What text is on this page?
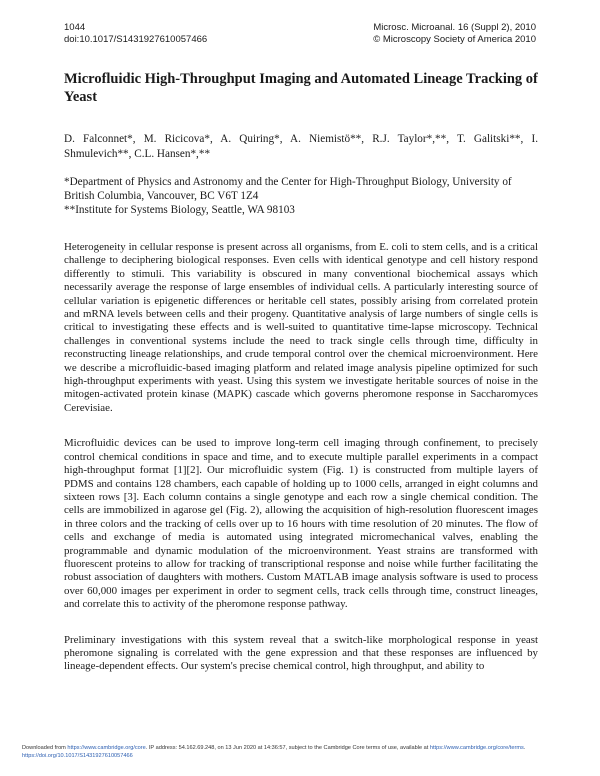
1044
doi:10.1017/S1431927610057466
Microsc. Microanal. 16 (Suppl 2), 2010
© Microscopy Society of America 2010
Microfluidic High-Throughput Imaging and Automated Lineage Tracking of Yeast
D. Falconnet*, M. Ricicova*, A. Quiring*, A. Niemistö**, R.J. Taylor*,**, T. Galitski**, I. Shmulevich**, C.L. Hansen*,**
*Department of Physics and Astronomy and the Center for High-Throughput Biology, University of British Columbia, Vancouver, BC V6T 1Z4
**Institute for Systems Biology, Seattle, WA 98103

Heterogeneity in cellular response is present across all organisms, from E. coli to stem cells, and is a critical challenge to deciphering biological responses. Even cells with identical genotype and cell history respond differently to stimuli. This variability is obscured in many conventional biochemical assays which necessarily average the response of large ensembles of individual cells. A particularly interesting source of cellular variation is epigenetic differences or heritable cell states, possibly arising from correlated protein and mRNA levels between cells and their progeny. Quantitative analysis of large numbers of single cells is critical to investigating these effects and is well-suited to quantitative time-lapse microscopy. Technical challenges in conventional systems include the need to track single cells through time, difficulty in reconstructing lineage relationships, and crude temporal control over the chemical microenvironment. Here we describe a microfluidic-based imaging platform and related image analysis pipeline optimized for such high-throughput experiments with yeast. Using this system we investigate heritable sources of noise in the mitogen-activated protein kinase (MAPK) cascade which governs pheromone response in Saccharomyces Cerevisiae.

Microfluidic devices can be used to improve long-term cell imaging through confinement, to precisely control chemical conditions in space and time, and to execute multiple parallel experiments in a compact high-throughput format [1][2]. Our microfluidic system (Fig. 1) is constructed from multiple layers of PDMS and contains 128 chambers, each capable of holding up to 1000 cells, arranged in eight columns and sixteen rows [3]. Each column contains a single genotype and each row a single chemical condition. The cells are immobilized in agarose gel (Fig. 2), allowing the acquisition of high-resolution fluorescent images in three colors and the tracking of cells over up to 16 hours with time resolution of 20 minutes. The flow of cells and exchange of media is automated using integrated micromechanical valves, enabling the programmable and dynamic modulation of the microenvironment. Yeast strains are transformed with fluorescent proteins to allow for tracking of transcriptional response and noise while further facilitating the robust association of daughters with mothers. Custom MATLAB image analysis software is used to process over 60,000 images per experiment in order to segment cells, track cells through time, construct lineages, and correlate this to activity of the pheromone response pathway.

Preliminary investigations with this system reveal that a switch-like morphological response in yeast pheromone signaling is correlated with the gene expression and that these responses are influenced by lineage-dependent effects. Our system's precise chemical control, high throughput, and ability to

Downloaded from https://www.cambridge.org/core. IP address: 54.162.69.248, on 13 Jun 2020 at 14:36:57, subject to the Cambridge Core terms of use, available at https://www.cambridge.org/core/terms.
https://doi.org/10.1017/S1431927610057466
